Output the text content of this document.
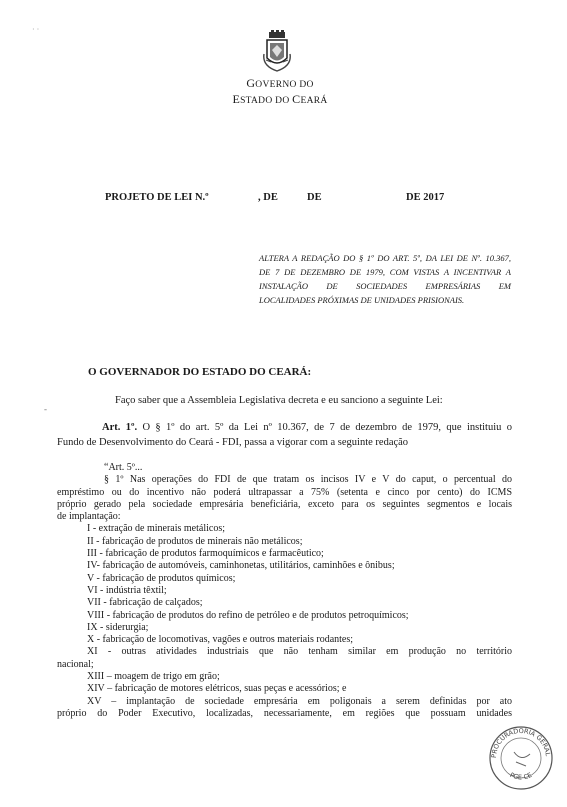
· ·
GOVERNO DO
ESTADO DO CEARÁ
PROJETO DE LEI N.º	, DE	DE	DE 2017
ALTERA A REDAÇÃO DO § 1º DO ART. 5º, DA LEI DE Nº. 10.367,
DE 7 DE DEZEMBRO DE 1979, COM VISTAS A INCENTIVAR A
INSTALAÇÃO DE SOCIEDADES EMPRESÁRIAS EM
LOCALIDADES PRÓXIMAS DE UNIDADES PRISIONAIS.
O GOVERNADOR DO ESTADO DO CEARÁ:
Faço saber que a Assembleia Legislativa decreta e eu sanciono a seguinte Lei:
-
Art. 1º. O § 1º do art. 5º da Lei nº 10.367, de 7 de dezembro de 1979, que instituiu o
Fundo de Desenvolvimento do Ceará - FDI, passa a vigorar com a seguinte redação
“Art. 5º...
§ 1º Nas operações do FDI de que tratam os incisos IV e V do caput, o percentual do
empréstimo ou do incentivo não poderá ultrapassar a 75% (setenta e cinco por cento) do ICMS
próprio gerado pela sociedade empresária beneficiária, exceto para os seguintes segmentos e locais
de implantação:
I - extração de minerais metálicos;
II - fabricação de produtos de minerais não metálicos;
III - fabricação de produtos farmoquímicos e farmacêutico;
IV- fabricação de automóveis, caminhonetas, utilitários, caminhões e ônibus;
V - fabricação de produtos químicos;
VI - indústria têxtil;
VII - fabricação de calçados;
VIII - fabricação de produtos do refino de petróleo e de produtos petroquímicos;
IX - siderurgia;
X - fabricação de locomotivas, vagões e outros materiais rodantes;
XI - outras atividades industriais que não tenham similar em produção no território
nacional;
XIII – moagem de trigo em grão;
XIV – fabricação de motores elétricos, suas peças e acessórios; e
XV – implantação de sociedade empresária em poligonais a serem definidas por ato
próprio do Poder Executivo, localizadas, necessariamente, em regiões que possuam unidades
PROCURADORIA GERAL
PGE-CE
